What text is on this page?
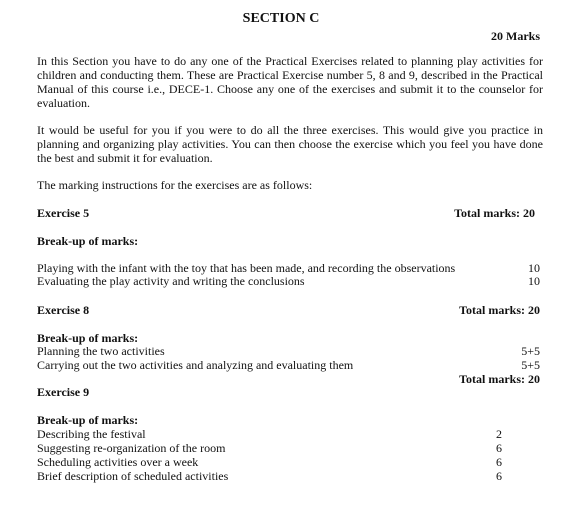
SECTION C
20 Marks
In this Section you have to do any one of the Practical Exercises related to planning play activities for children and conducting them. These are Practical Exercise number 5, 8 and 9, described in the Practical Manual of this course i.e., DECE-1. Choose any one of the exercises and submit it to the counselor for evaluation.
It would be useful for you if you were to do all the three exercises. This would give you practice in planning and organizing play activities. You can then choose the exercise which you feel you have done the best and submit it for evaluation.
The marking instructions for the exercises are as follows:
Exercise 5	Total marks: 20
Break-up of marks:
Playing with the infant with the toy that has been made, and recording the observations	10
Evaluating the play activity and writing the conclusions	10
Exercise 8	Total marks: 20
Break-up of marks:
Planning the two activities	5+5
Carrying out the two activities and analyzing and evaluating them	5+5
Total marks: 20
Exercise 9
Break-up of marks:
Describing the festival	2
Suggesting re-organization of the room	6
Scheduling activities over a week	6
Brief description of scheduled activities	6
